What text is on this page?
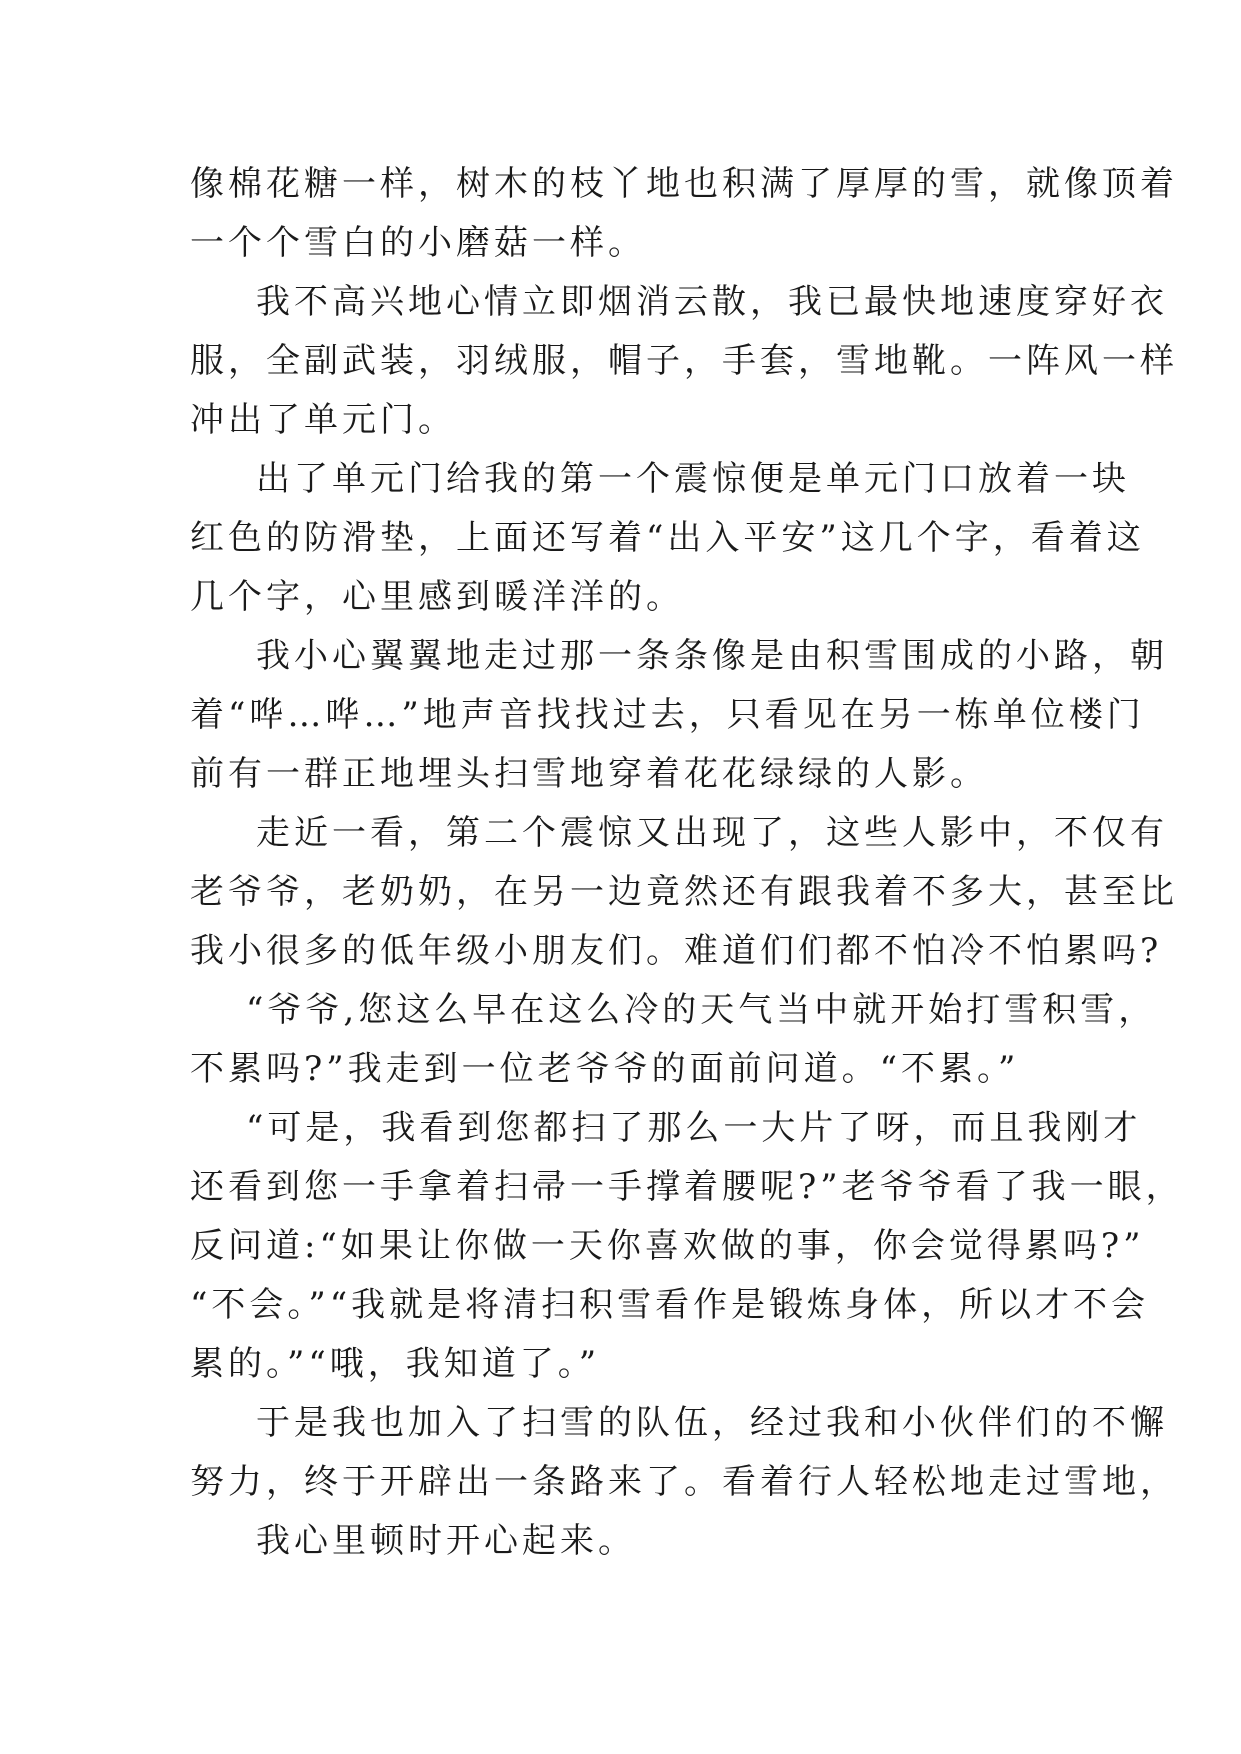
像棉花糖一样，树木的枝丫地也积满了厚厚的雪，就像顶着

一个个雪白的小磨菇一样。

我不高兴地心情立即烟消云散，我已最快地速度穿好衣

服，全副武装，羽绒服，帽子，手套，雪地靴。一阵风一样

冲出了单元门。

出了单元门给我的第一个震惊便是单元门口放着一块

红色的防滑垫，上面还写着“出入平安”这几个字，看着这

几个字，心里感到暖洋洋的。

我小心翼翼地走过那一条条像是由积雪围成的小路，朝

着“哗…哗…”地声音找找过去，只看见在另一栋单位楼门

前有一群正地埋头扫雪地穿着花花绿绿的人影。

走近一看，第二个震惊又出现了，这些人影中，不仅有

老爷爷，老奶奶，在另一边竟然还有跟我着不多大，甚至比

我小很多的低年级小朋友们。难道们们都不怕冷不怕累吗?

“爷爷,您这么早在这么冷的天气当中就开始打雪积雪，

不累吗?”我走到一位老爷爷的面前问道。“不累。”

“可是，我看到您都扫了那么一大片了呀，而且我刚才

还看到您一手拿着扫帚一手撑着腰呢?”老爷爷看了我一眼，

反问道:“如果让你做一天你喜欢做的事，你会觉得累吗?”

“不会。”“我就是将清扫积雪看作是锻炼身体，所以才不会

累的。”“哦，我知道了。”

于是我也加入了扫雪的队伍，经过我和小伙伴们的不懈

努力，终于开辟出一条路来了。看着行人轻松地走过雪地，

我心里顿时开心起来。
